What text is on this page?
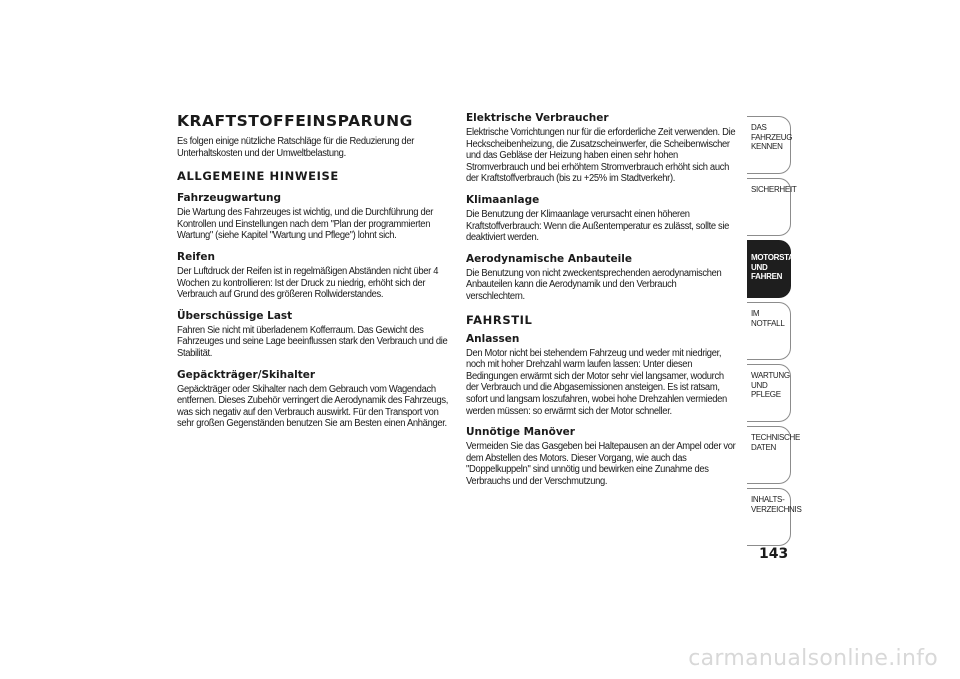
KRAFTSTOFFEINSPARUNG

Es folgen einige nützliche Ratschläge für die Reduzierung der Unterhaltskosten und der Umweltbelastung.

ALLGEMEINE HINWEISE
Fahrzeugwartung

Die Wartung des Fahrzeuges ist wichtig, und die Durchführung der Kontrollen und Einstellungen nach dem "Plan der programmierten Wartung" (siehe Kapitel "Wartung und Pflege") lohnt sich.

Reifen

Der Luftdruck der Reifen ist in regelmäßigen Abständen nicht über 4 Wochen zu kontrollieren: Ist der Druck zu niedrig, erhöht sich der Verbrauch auf Grund des größeren Rollwiderstandes.

Überschüssige Last

Fahren Sie nicht mit überladenem Kofferraum. Das Gewicht des Fahrzeuges und seine Lage beeinflussen stark den Verbrauch und die Stabilität.

Gepäckträger/Skihalter

Gepäckträger oder Skihalter nach dem Gebrauch vom Wagendach entfernen. Dieses Zubehör verringert die Aerodynamik des Fahrzeugs, was sich negativ auf den Verbrauch auswirkt. Für den Transport von sehr großen Gegenständen benutzen Sie am Besten einen Anhänger.

Elektrische Verbraucher

Elektrische Vorrichtungen nur für die erforderliche Zeit verwenden. Die Heckscheibenheizung, die Zusatzscheinwerfer, die Scheibenwischer und das Gebläse der Heizung haben einen sehr hohen Stromverbrauch und bei erhöhtem Stromverbrauch erhöht sich auch der Kraftstoffverbrauch (bis zu +25% im Stadtverkehr).

Klimaanlage

Die Benutzung der Klimaanlage verursacht einen höheren Kraftstoffverbrauch: Wenn die Außentemperatur es zulässt, sollte sie deaktiviert werden.

Aerodynamische Anbauteile

Die Benutzung von nicht zweckentsprechenden aerodynamischen Anbauteilen kann die Aerodynamik und den Verbrauch verschlechtern.

FAHRSTIL
Anlassen

Den Motor nicht bei stehendem Fahrzeug und weder mit niedriger, noch mit hoher Drehzahl warm laufen lassen: Unter diesen Bedingungen erwärmt sich der Motor sehr viel langsamer, wodurch der Verbrauch und die Abgasemissionen ansteigen. Es ist ratsam, sofort und langsam loszufahren, wobei hohe Drehzahlen vermieden werden müssen: so erwärmt sich der Motor schneller.

Unnötige Manöver

Vermeiden Sie das Gasgeben bei Haltepausen an der Ampel oder vor dem Abstellen des Motors. Dieser Vorgang, wie auch das "Doppelkuppeln" sind unnötig und bewirken eine Zunahme des Verbrauchs und der Verschmutzung.

DAS FAHRZEUG KENNEN
SICHERHEIT
MOTORSTART UND FAHREN
IM NOTFALL
WARTUNG UND PFLEGE
TECHNISCHE DATEN
INHALTS-VERZEICHNIS
143
carmanualsonline.info
